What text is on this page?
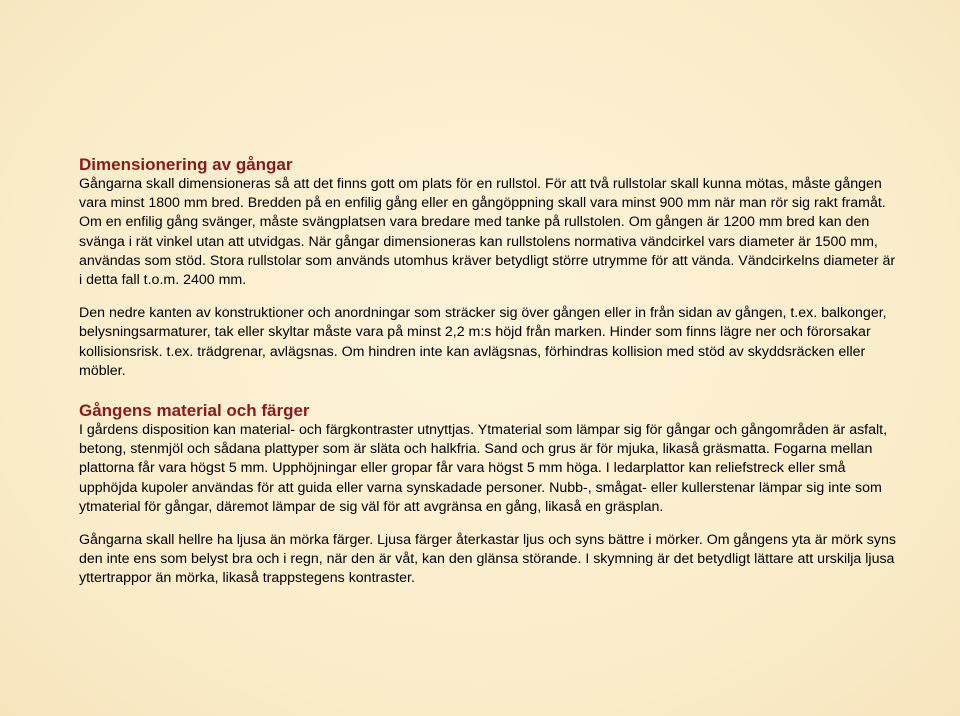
Dimensionering av gångar

Gångarna skall dimensioneras så att det finns gott om plats för en rullstol. För att två rullstolar skall kunna mötas, måste gången vara minst 1800 mm bred. Bredden på en enfilig gång eller en gångöppning skall vara minst 900 mm när man rör sig rakt framåt. Om en enfilig gång svänger, måste svängplatsen vara bredare med tanke på rullstolen. Om gången är 1200 mm bred kan den svänga i rät vinkel utan att utvidgas. När gångar dimensioneras kan rullstolens normativa vändcirkel vars diameter är 1500 mm, användas som stöd. Stora rullstolar som används utomhus kräver betydligt större utrymme för att vända. Vändcirkelns diameter är i detta fall t.o.m. 2400 mm.

Den nedre kanten av konstruktioner och anordningar som sträcker sig över gången eller in från sidan av gången, t.ex. balkonger, belysningsarmaturer, tak eller skyltar måste vara på minst 2,2 m:s höjd från marken. Hinder som finns lägre ner och förorsakar kollisionsrisk. t.ex. trädgrenar, avlägsnas. Om hindren inte kan avlägsnas, förhindras kollision med stöd av skyddsräcken eller möbler.

Gångens material och färger

I gårdens disposition kan material- och färgkontraster utnyttjas. Ytmaterial som lämpar sig för gångar och gångområden är asfalt, betong, stenmjöl och sådana plattyper som är släta och halkfria. Sand och grus är för mjuka, likaså gräsmatta. Fogarna mellan plattorna får vara högst 5 mm. Upphöjningar eller gropar får vara högst 5 mm höga. I ledarplattor kan reliefstreck eller små upphöjda kupoler användas för att guida eller varna synskadade personer. Nubb-, smågat- eller kullerstenar lämpar sig inte som ytmaterial för gångar, däremot lämpar de sig väl för att avgränsa en gång, likaså en gräsplan.

Gångarna skall hellre ha ljusa än mörka färger. Ljusa färger återkastar ljus och syns bättre i mörker. Om gångens yta är mörk syns den inte ens som belyst bra och i regn, när den är våt, kan den glänsa störande. I skymning är det betydligt lättare att urskilja ljusa yttertrappor än mörka, likaså trappstegens kontraster.
